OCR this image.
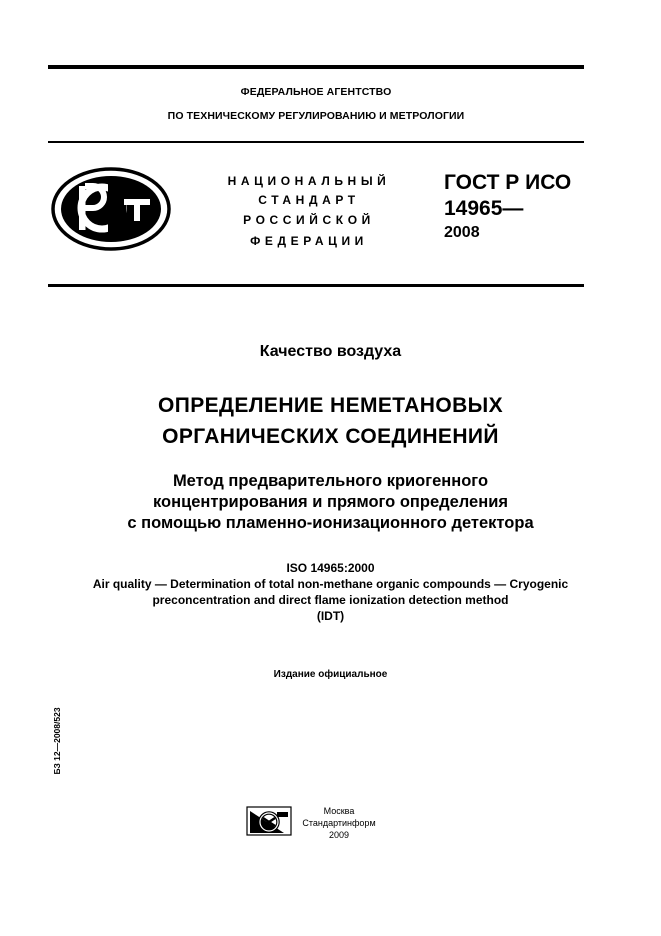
ФЕДЕРАЛЬНОЕ АГЕНТСТВО
ПО ТЕХНИЧЕСКОМУ РЕГУЛИРОВАНИЮ И МЕТРОЛОГИИ
НАЦИОНАЛЬНЫЙ
СТАНДАРТ
РОССИЙСКОЙ
ФЕДЕРАЦИИ
ГОСТ Р ИСО
14965—
2008
Качество воздуха
ОПРЕДЕЛЕНИЕ НЕМЕТАНОВЫХ
ОРГАНИЧЕСКИХ СОЕДИНЕНИЙ
Метод предварительного криогенного
концентрирования и прямого определения
с помощью пламенно-ионизационного детектора
ISO 14965:2000
Air quality — Determination of total non-methane organic compounds — Cryogenic
preconcentration and direct flame ionization detection method
(IDT)
Издание официальное
БЗ 12—2008/523
Москва
Стандартинформ
2009
